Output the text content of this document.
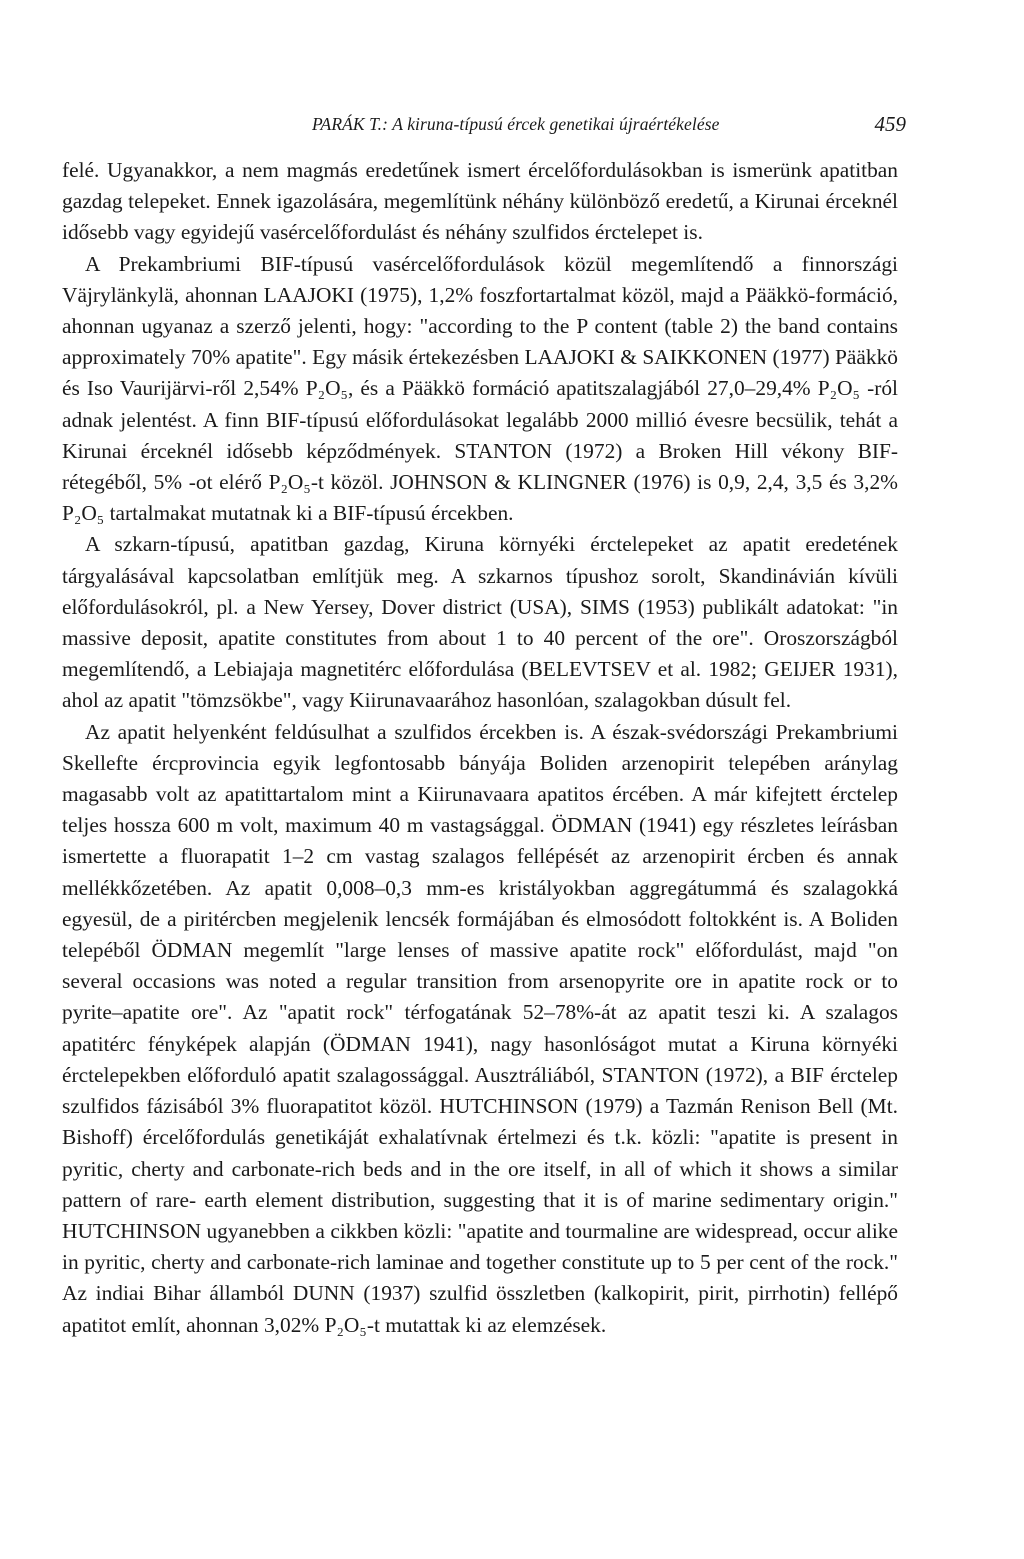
PARÁK T.: A kiruna-típusú ércek genetikai újraértékelése	459

felé. Ugyanakkor, a nem magmás eredetűnek ismert ércelőfordulásokban is ismerünk apatitban gazdag telepeket. Ennek igazolására, megemlítünk néhány különböző eredetű, a Kirunai érceknél idősebb vagy egyidejű vasércelőfordulást és néhány szulfidos érctelepet is.

A Prekambriumi BIF-típusú vasércelőfordulások közül megemlítendő a finnországi Väjrylänkylä, ahonnan LAAJOKI (1975), 1,2% foszfortartalmat közöl, majd a Pääkkö-formáció, ahonnan ugyanaz a szerző jelenti, hogy: "according to the P content (table 2) the band contains approximately 70% apatite". Egy másik értekezésben LAAJOKI & SAIKKONEN (1977) Pääkkö és Iso Vaurijärvi-ről 2,54% P₂O₅, és a Pääkkö formáció apatitszalagjából 27,0–29,4% P₂O₅ -ról adnak jelentést. A finn BIF-típusú előfordulásokat legalább 2000 millió évesre becsülik, tehát a Kirunai érceknél idősebb képződmények. STANTON (1972) a Broken Hill vékony BIF-rétegéből, 5% -ot elérő P₂O₅-t közöl. JOHNSON & KLINGNER (1976) is 0,9, 2,4, 3,5 és 3,2% P₂O₅ tartalmakat mutatnak ki a BIF-típusú ércekben.

A szkarn-típusú, apatitban gazdag, Kiruna környéki érctelepeket az apatit eredetének tárgyalásával kapcsolatban említjük meg. A szkarnos típushoz sorolt, Skandinávián kívüli előfordulásokról, pl. a New Yersey, Dover district (USA), SIMS (1953) publikált adatokat: "in massive deposit, apatite constitutes from about 1 to 40 percent of the ore". Oroszországból megemlítendő, a Lebiajaja magnetitérc előfordulása (BELEVTSEV et al. 1982; GEIJER 1931), ahol az apatit "tömzsökbe", vagy Kiirunavaarához hasonlóan, szalagokban dúsult fel.

Az apatit helyenként feldúsulhat a szulfidos ércekben is. A észak-svédországi Prekambriumi Skellefte ércprovincia egyik legfontosabb bányája Boliden arzenopirit telepében aránylag magasabb volt az apatittartalom mint a Kiirunavaara apatitos ércében. A már kifejtett érctelep teljes hossza 600 m volt, maximum 40 m vastagsággal. ÖDMAN (1941) egy részletes leírásban ismertette a fluorapatit 1–2 cm vastag szalagos fellépését az arzenopirit ércben és annak mellékkőzetében. Az apatit 0,008–0,3 mm-es kristályokban aggregátummá és szalagokká egyesül, de a piritércben megjelenik lencsék formájában és elmosódott foltokként is. A Boliden telepéből ÖDMAN megemlít "large lenses of massive apatite rock" előfordulást, majd "on several occasions was noted a regular transition from arsenopyrite ore in apatite rock or to pyrite–apatite ore". Az "apatit rock" térfogatának 52–78%-át az apatit teszi ki. A szalagos apatitérc fényképek alapján (ÖDMAN 1941), nagy hasonlóságot mutat a Kiruna környéki érctelepekben előforduló apatit szalagossággal. Ausztráliából, STANTON (1972), a BIF érctelep szulfidos fázisából 3% fluorapatitot közöl. HUTCHINSON (1979) a Tazmán Renison Bell (Mt. Bishoff) ércelőfordulás genetikáját exhalatívnak értelmezi és t.k. közli: "apatite is present in pyritic, cherty and carbonate-rich beds and in the ore itself, in all of which it shows a similar pattern of rare- earth element distribution, suggesting that it is of marine sedimentary origin." HUTCHINSON ugyanebben a cikkben közli: "apatite and tourmaline are widespread, occur alike in pyritic, cherty and carbonate-rich laminae and together constitute up to 5 per cent of the rock." Az indiai Bihar államból DUNN (1937) szulfid összletben (kalkopirit, pirit, pirrhotin) fellépő apatitot említ, ahonnan 3,02% P₂O₅-t mutattak ki az elemzések.
